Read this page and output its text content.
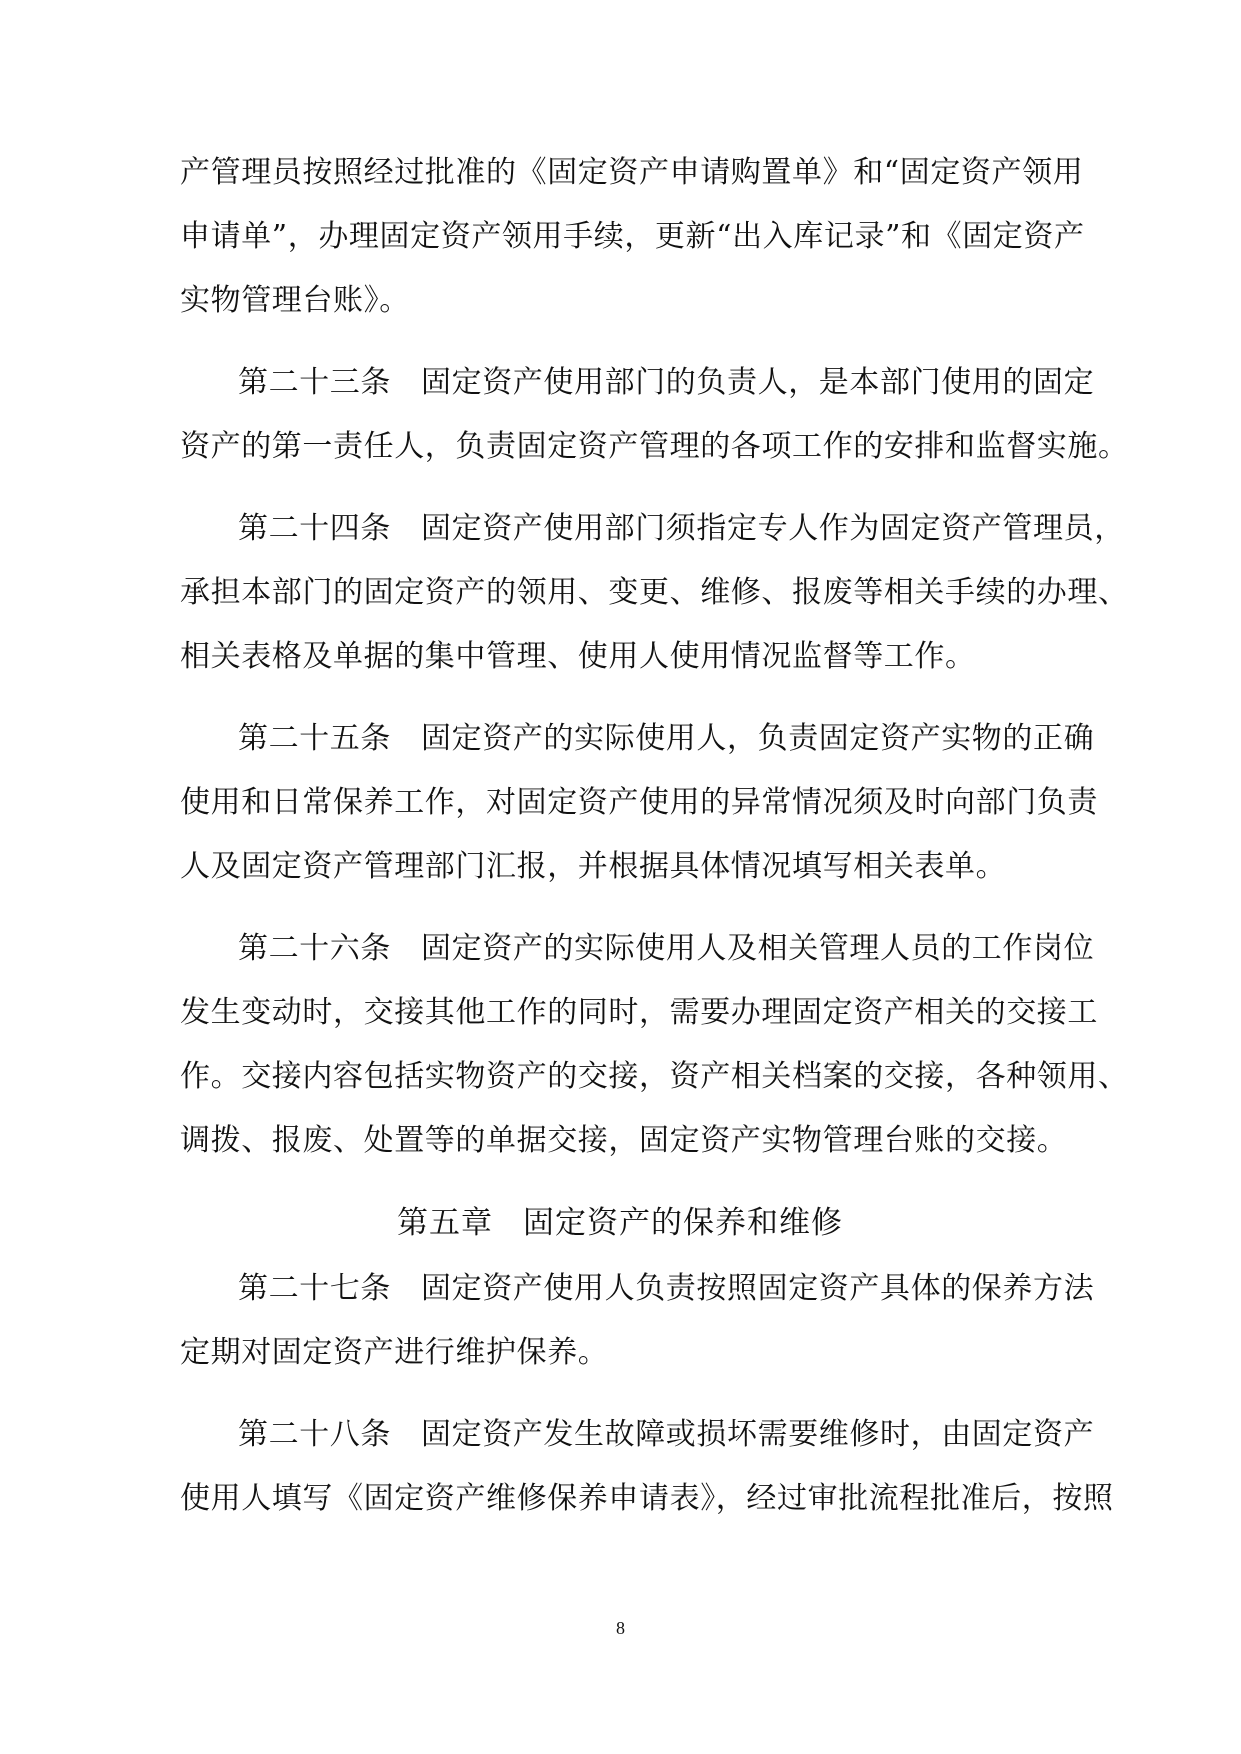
产管理员按照经过批准的《固定资产申请购置单》和“固定资产领用
申请单”，办理固定资产领用手续，更新“出入库记录”和《固定资产
实物管理台账》。
第二十三条 固定资产使用部门的负责人，是本部门使用的固定
资产的第一责任人，负责固定资产管理的各项工作的安排和监督实施。
第二十四条 固定资产使用部门须指定专人作为固定资产管理员，
承担本部门的固定资产的领用、变更、维修、报废等相关手续的办理、
相关表格及单据的集中管理、使用人使用情况监督等工作。
第二十五条 固定资产的实际使用人，负责固定资产实物的正确
使用和日常保养工作，对固定资产使用的异常情况须及时向部门负责
人及固定资产管理部门汇报，并根据具体情况填写相关表单。
第二十六条 固定资产的实际使用人及相关管理人员的工作岗位
发生变动时，交接其他工作的同时，需要办理固定资产相关的交接工
作。交接内容包括实物资产的交接，资产相关档案的交接，各种领用、
调拨、报废、处置等的单据交接，固定资产实物管理台账的交接。
第五章 固定资产的保养和维修
第二十七条 固定资产使用人负责按照固定资产具体的保养方法
定期对固定资产进行维护保养。
第二十八条 固定资产发生故障或损坏需要维修时，由固定资产
使用人填写《固定资产维修保养申请表》，经过审批流程批准后，按照
8
